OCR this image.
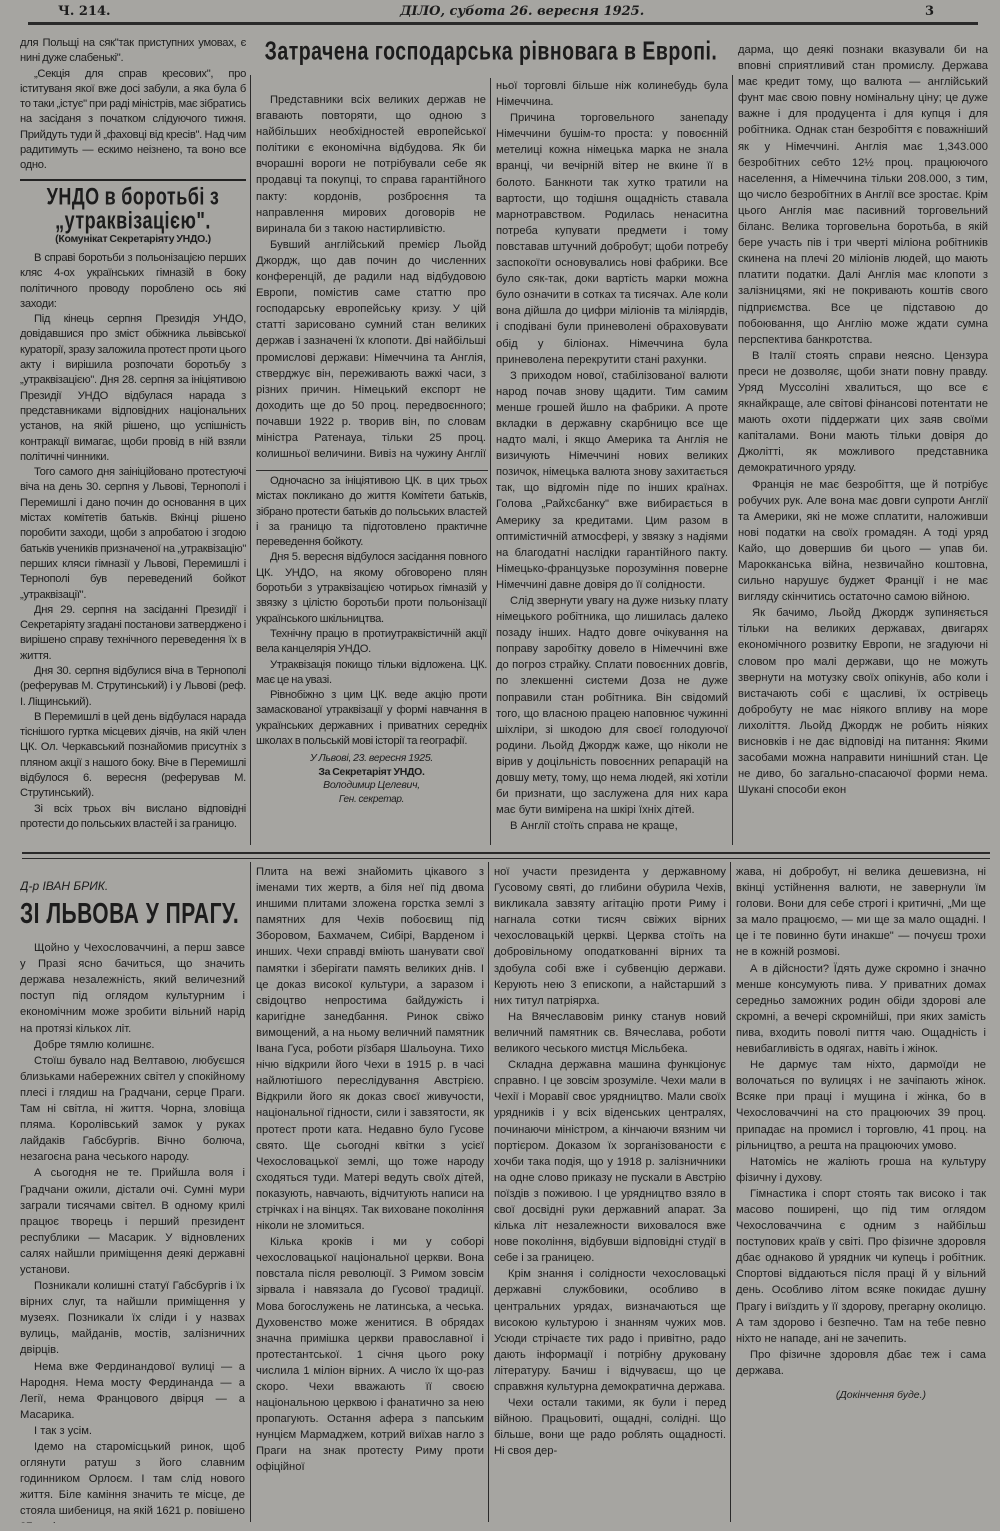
Ч. 214.	ДІЛО, субота 26. вересня 1925.	3

для Польщі на сяк"так приступних умовах, є нині дуже слабенькі".

„Секція для справ кресових", про іституваня якої вже досі забули, а яка була б то таки „істує" при раді міністрів, має зібратись на засіданя з початком слідуючого тижня. Прийдуть туди й „фаховці від кресів". Над чим радитимуть — ескимо неізнено, та воно все одно.

УНДО в боротьбі з „утраквізацією".
(Комунікат Секретаріяту УНДО.)

В справі боротьби з польонізацією перших кляс 4-ох українських гімназій в боку політичного проводу пороблено ось які заходи:

Під кінець серпня Президія УНДО, довідавшися про зміст обіжника львівської кураторії, зразу заложила протест проти цього акту і вирішила розпочати боротьбу з „утраквізацією". Дня 28. серпня за ініціятивою Президії УНДО відбулася нарада з представниками відповідних національних установ, на якій рішено, що успішність контракції вимагає, щоби провід в ній взяли політичні чинники.

Того самого дня заініційовано протестуючі віча на день 30. серпня у Львові, Тернополі і Перемишлі і дано почин до основання в цих містах комітетів батьків. Вкінці рішено поробити заходи, щоби з апробатою і згодою батьків учеників призначеної на „утраквізацію" перших кляси гімназії у Львові, Перемишлі і Тернополі був переведений бойкот „утраквізації".

Дня 29. серпня на засіданні Президії і Секретаріяту згадані постанови затверджено і вирішено справу технічного переведення їх в життя.

Дня 30. серпня відбулися віча в Тернополі (реферував М. Струтинський) і у Львові (реф. І. Ліщинський).

В Перемишлі в цей день відбулася нарада тіснішого гуртка місцевих діячів, на якій член ЦК. Ол. Черкавський познайомив присутніх з пляном акції з нашого боку. Віче в Перемишлі відбулося 6. вересня (реферував М. Струтинський).

Зі всіх трьох віч вислано відповідні протести до польських властей і за границю.

Затрачена господарська рівновага в Европі.

Представники всіх великих держав не вгавають повторяти, що одною з найбільших необхідностей европейської політики є економічна відбудова. Як би вчорашні вороги не потрібували себе як продавці та покупці, то справа гарантійного пакту: кордонів, розброєння та направлення мирових договорів не виринала би з такою настирливістю.

Бувший англійський премієр Льойд Джордж, що дав почин до численних конференцій, де радили над відбудовою Европи, помістив саме статтю про господарську европейську кризу. У цій статті зарисовано сумний стан великих держав і зазначені їх клопоти. Дві найбільші промислові держави: Німеччина та Англія, стверджує він, переживають важкі часи, з різних причин. Німецький експорт не доходить ще до 50 проц. передвоєнного; почавши 1922 р. творив він, по словам міністра Ратенауа, тільки 25 проц. колишньої величини. Вивіз на чужину Англії

Одночасно за ініціятивою ЦК. в цих трьох містах покликано до життя Комітети батьків, зібрано протести батьків до польських властей і за границю та підготовлено практичне переведення бойкоту.

Дня 5. вересня відбулося засідання повного ЦК. УНДО, на якому обговорено плян боротьби з утраквізацією чотирьох гімназій у звязку з цілістю боротьби проти польонізації українського шкільництва.

Технічну працю в протиутраквістичній акції вела канцелярія УНДО.

Утраквізація покищо тільки відложена. ЦК. має це на увазі.

Рівнобіжно з цим ЦК. веде акцію проти замаскованої утраквізації у формі навчання в українських державних і приватних середніх школах в польській мові історії та географії.

У Львові, 23. вересня 1925.
За Секретаріят УНДО.
Володимир Целевич,
Ген. секретар.

ньої торговлі більше ніж колинебудь була Німеччина.

Причина торговельного занепаду Німеччини бушім-то проста: у повоєнній метелиці кожна німецька марка не знала вранці, чи вечірній вітер не вкине її в болото. Банкноти так хутко тратили на вартости, що тодішня ощадність ставала марнотравством. Родилась ненаситна потреба купувати предмети і тому повставав штучний добробут; щоби потребу заспокоїти основувались нові фабрики. Все було сяк-так, доки вартість марки можна було означити в сотках та тисячах. Але коли вона дійшла до цифри міліонів та міліярдів, і сподівані були приневолені обраховувати обід у біліонах. Німеччина була приневолена перекрутити стані рахунки.

З приходом нової, стабілізованої валюти народ почав знову щадити. Тим самим менше грошей йшло на фабрики. А проте вкладки в державну скарбницю все ще надто малі, і якщо Америка та Англія не визичують Німеччині нових великих позичок, німецька валюта знову захитається так, що відгомін піде по інших країнах. Голова „Райхсбанку" вже вибирається в Америку за кредитами. Цим разом в оптимістичній атмосфері, у звязку з надіями на благодатні наслідки гарантійного пакту. Німецько-французьке порозуміння поверне Німеччині давне довіря до її солідности.

Слід звернути увагу на дуже низьку плату німецького робітника, що лишилась далеко позаду інших. Надто довге очікування на поправу заробітку довело в Німеччині вже до погроз страйку. Сплати повоєнних довгів, по злекшенні системи Доза не дуже поправили стан робітника. Він свідомий того, що власною працею наповнює чужинні шіхліри, зі шкодою для своєї голодуючої родини. Льойд Джордж каже, що ніколи не вірив у доцільність повоєнних репарацій на довшу мету, тому, що нема людей, які хотіли би признати, що заслужена для них кара має бути вимірена на шкірі їхніх дітей.

В Англії стоїть справа не краще,

дарма, що деякі познаки вказували би на вповні сприятливий стан промислу. Держава має кредит тому, що валюта — англійський фунт має свою повну номінальну ціну; це дуже важне і для продуцента і для купця і для робітника. Однак стан безробіття є поважніший як у Німеччині. Англія має 1,343.000 безробітних себто 12½ проц. працюючого населення, а Німеччина тільки 208.000, з тим, що число безробітних в Англії все зростає. Крім цього Англія має пасивний торговельний біланс. Велика торговельна боротьба, в якій бере участь пів і три чверті міліона робітників скинена на плечі 20 міліонів людей, що мають платити податки. Далі Англія має клопоти з залізницями, які не покривають коштів свого підприємства. Все це підставою до побоювання, що Англію може ждати сумна перспектива банкротства.

В Італії стоять справи неясно. Цензура преси не дозволяє, щоби знати повну правду. Уряд Муссоліні хвалиться, що все є якнайкраще, але світові фінансові потентати не мають охоти піддержати цих заяв своїми капіталами. Вони мають тільки довіря до Джолітті, як можливого представника демократичного уряду.

Франція не має безробіття, ще й потрібує робучих рук. Але вона має довги супроти Англії та Америки, які не може сплатити, наложивши нові податки на своїх громадян. А тоді уряд Кайо, що довершив би цього — упав би. Марокканська війна, незвичайно коштовна, сильно нарушує буджет Франції і не має вигляду скінчитись остаточно самою війною.

Як бачимо, Льойд Джордж зупиняється тільки на великих державах, двигарях економічного розвитку Европи, не згадуючи ні словом про малі держави, що не можуть звернути на мотузку своїх опікунів, або коли і вистачають собі є щасливі, їх острівець добробуту не має ніякого впливу на море лихоліття. Льойд Джордж не робить ніяких висновків і не дає відповіді на питання: Якими засобами можна направити нинішний стан. Це не диво, бо загально-спасаючої форми нема. Шукані способи екон

Д-р ІВАН БРИК.
ЗІ ЛЬВОВА У ПРАГУ.

Щойно у Чехословаччині, а перш завсе у Празі ясно бачиться, що значить держава незалежність, який величезний поступ під оглядом культурним і економічним може зробити вільний нарід на протязі кількох літ.

Добре тямлю колишнє.

Стоїш бувало над Велтавою, любуєшся близьками набережних світел у спокійному плесі і глядиш на Градчани, серце Праги. Там ні світла, ні життя. Чорна, зловіща пляма. Королівський замок у руках лайдаків Габсбургів. Вічно болюча, незагоєна рана чеського народу.

А сьогодня не те. Прийшла воля і Градчани ожили, дістали очі. Сумні мури заграли тисячами світел. В одному крилі працює творець і перший президент республики — Масарик. У відновлених салях найшли приміщення деякі державні установи.

Позникали колишні статуї Габсбургів і їх вірних слуг, та найшли приміщення у музеях. Позникали їх сліди і у назвах вулиць, майданів, мостів, залізничних двірців.

Нема вже Фердинандової вулиці — а Народня. Нема мосту Фердинанда — а Легії, нема Францового двірця — а Масарика.

І так з усім.

Ідемо на старомісцький ринок, щоб оглянути ратуш з його славним годинником Орлоєм. І там слід нового життя. Біле каміння значить те місце, де стояла шибениця, на якій 1621 р. повішено

Плита на вежі знайомить цікавого з іменами тих жертв, а біля неї під двома иншими плитами зложена горстка землі з памятних для Чехів побоєвищ під Зборовом, Бахмачем, Сибірі, Варденом і инших. Чехи справді вміють шанувати свої памятки і зберігати память великих днів. І це доказ високої культури, а заразом і свідоцтво непростима байдужість і каригідне занедбання. Ринок свіжо вимощений, а на ньому величний памятник Івана Гуса, роботи рїзбаря Шальоуна. Тихо нічю відкрили його Чехи в 1915 р. в часі найлютішого переслідування Австрією. Відкрили його як доказ своєї живучости, національної гідности, сили і завзятости, як протест проти ката. Недавно було Гусове свято. Ще сьогодні квітки з усієї Чехословацької землі, що тоже народу сходяться туди. Матері ведуть своїх дітей, показують, навчають, відчитують написи на стрічках і на вінцях. Так виховане покоління ніколи не зломиться.

Кілька кроків і ми у соборі чехословацької національної церкви. Вона повстала після революції. З Римом зовсім зірвала і навязала до Гусової традиції. Мова богослужень не латинська, а чеська. Духовенство може женитися. В обрядах значна примішка церкви православної і протестантської. 1 січня цього року числила 1 міліон вірних. А число їх що-раз скоро. Чехи вважають її своєю національною церквою і фанатично за нею пропагують. Остання афера з папським нунцієм Мармаджем, котрий виїхав нагло з Праги на знак протесту Риму проти офіційної

ної участи президента у державному Гусовому святі, до глибини обурила Чехів, викликала завзяту агітацію проти Риму і нагнала сотки тисяч свіжих вірних чехословацькій церкві. Церква стоїть на добровільному оподаткованні вірних та здобула собі вже і субвенцію держави. Керують нею 3 епископи, а найстарший з них титул патріярха.

На Вячеславовім ринку станув новий величний памятник св. Вячеслава, роботи великого чеського мистця Місльбека.

Складна державна машина функціонує справно. І це зовсім зрозуміле. Чехи мали в Чехії і Моравії своє урядництво. Мали своїх урядників і у всіх віденських централях, починаючи міністром, а кінчаючи вязним чи портієром. Доказом їх зорганізованости є хочби така подія, що у 1918 р. залізничники на одне слово приказу не пускали в Австрію поїздів з поживою. І це урядництво взяло в свої досвідні руки державний апарат. За кілька літ незалежности виховалося вже нове покоління, відбувши відповідні студії в себе і за границею.

Крім знання і солідности чехословацькі державні службовики, особливо в центральних урядах, визначаються ще високою культурою і знанням чужих мов. Усюди стрічаєте тих радо і привітно, радо дають інформації і потрібну друковану літературу. Бачиш і відчуваєш, що це справжня культурна демократична держава.

Чехи остали такими, як були і перед війною. Працьовиті, ощадні, солідні. Що більше, вони ще радо роблять ощадності. Ні своя дер-

жава, ні добробут, ні велика дешевизна, ні вкінці устійнення валюти, не завернули їм голови. Вони для себе строгі і критичні, „Ми ще за мало працюємо, — ми ще за мало ощадні. І це і те повинно бути инакше" — почуєш трохи не в кожній розмові.

А в дійсности? Їдять дуже скромно і значно менше консумують пива. У приватних домах середньо заможних родин обіди здорові але скромні, а вечері скромнійші, при яких замість пива, входить поволі пиття чаю. Ощадність і невибагливість в одягах, навіть і жінок.

Не дармує там ніхто, дармоїди не волочаться по вулицях і не зачіпають жінок. Всяке при праці і мущина і жінка, бо в Чехословаччині на сто працюючих 39 проц. припадає на промисл і торговлю, 41 проц. на рільництво, а решта на працюючих умово.

Натомісь не жаліють гроша на культуру фізичну і духову.

Гімнастика і спорт стоять так високо і так масово поширені, що під тим оглядом Чехословаччина є одним з найбільш поступових країв у світі. Про фізичне здоровля дбає однаково й урядник чи купець і робітник. Спортові віддаються після праці й у вільний день. Особливо літом всяке покидає душну Прагу і виїздить у її здорову, прегарну околицю. А там здорово і безпечно. Там на тебе певно ніхто не нападе, ані не зачепить.

Про фізичне здоровля дбає теж і сама держава.

(Докінчення буде.)
